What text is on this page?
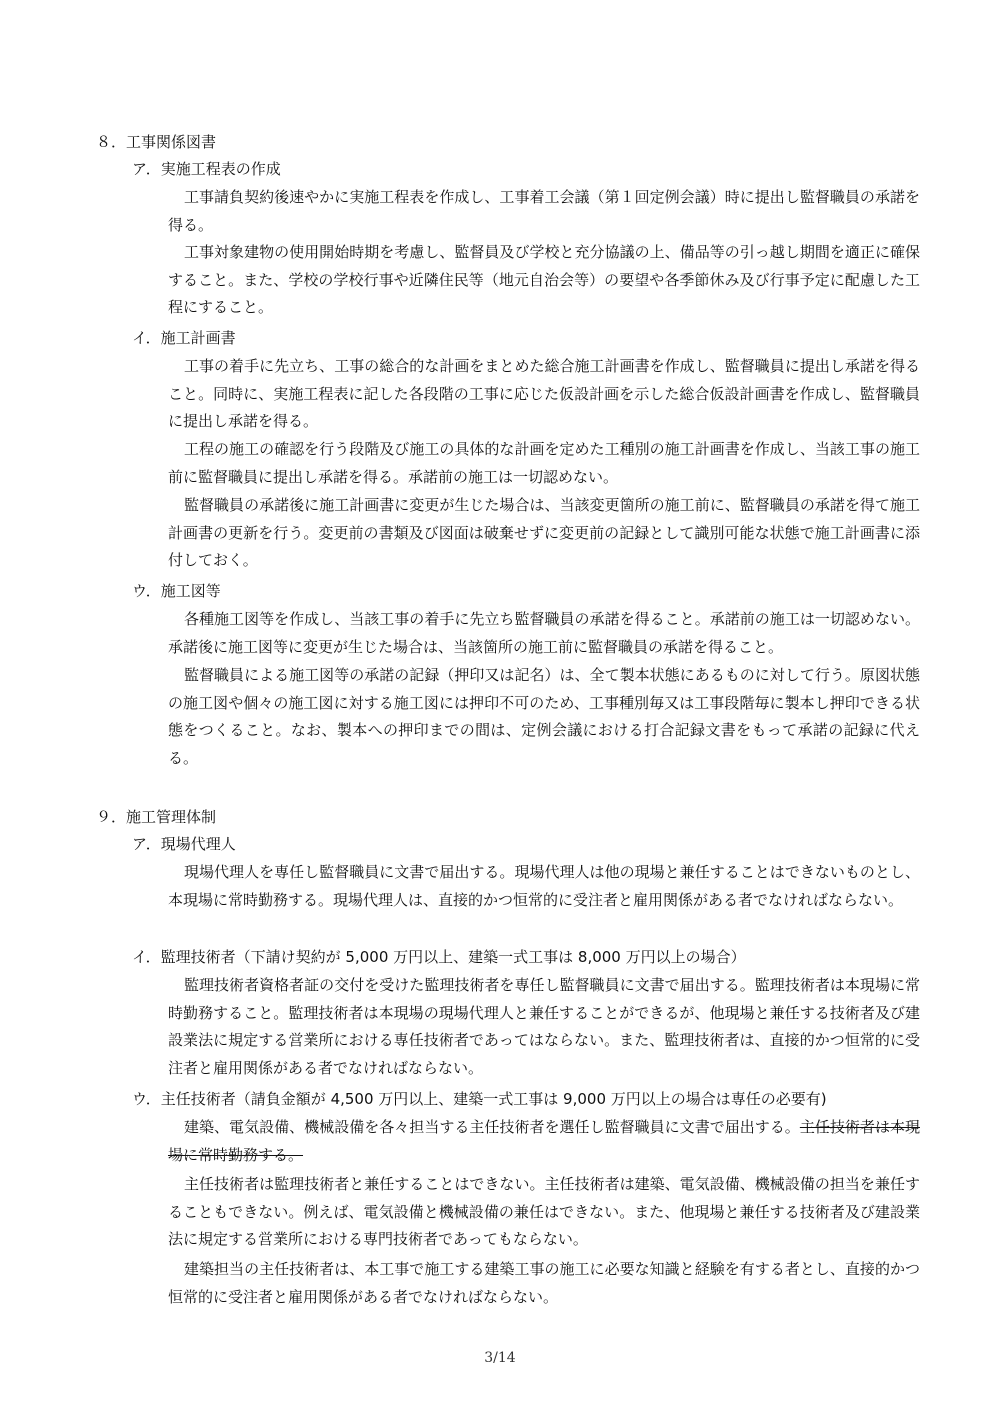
８．工事関係図書
ア．実施工程表の作成
工事請負契約後速やかに実施工程表を作成し、工事着工会議（第１回定例会議）時に提出し監督職員の承諾を得る。
工事対象建物の使用開始時期を考慮し、監督員及び学校と充分協議の上、備品等の引っ越し期間を適正に確保すること。また、学校の学校行事や近隣住民等（地元自治会等）の要望や各季節休み及び行事予定に配慮した工程にすること。
イ．施工計画書
工事の着手に先立ち、工事の総合的な計画をまとめた総合施工計画書を作成し、監督職員に提出し承諾を得ること。同時に、実施工程表に記した各段階の工事に応じた仮設計画を示した総合仮設計画書を作成し、監督職員に提出し承諾を得る。
工程の施工の確認を行う段階及び施工の具体的な計画を定めた工種別の施工計画書を作成し、当該工事の施工前に監督職員に提出し承諾を得る。承諾前の施工は一切認めない。
監督職員の承諾後に施工計画書に変更が生じた場合は、当該変更箇所の施工前に、監督職員の承諾を得て施工計画書の更新を行う。変更前の書類及び図面は破棄せずに変更前の記録として識別可能な状態で施工計画書に添付しておく。
ウ．施工図等
各種施工図等を作成し、当該工事の着手に先立ち監督職員の承諾を得ること。承諾前の施工は一切認めない。承諾後に施工図等に変更が生じた場合は、当該箇所の施工前に監督職員の承諾を得ること。
監督職員による施工図等の承諾の記録（押印又は記名）は、全て製本状態にあるものに対して行う。原図状態の施工図や個々の施工図に対する施工図には押印不可のため、工事種別毎又は工事段階毎に製本し押印できる状態をつくること。なお、製本への押印までの間は、定例会議における打合記録文書をもって承諾の記録に代える。
９．施工管理体制
ア．現場代理人
現場代理人を専任し監督職員に文書で届出する。現場代理人は他の現場と兼任することはできないものとし、本現場に常時勤務する。現場代理人は、直接的かつ恒常的に受注者と雇用関係がある者でなければならない。
イ．監理技術者（下請け契約が 5,000 万円以上、建築一式工事は 8,000 万円以上の場合）
監理技術者資格者証の交付を受けた監理技術者を専任し監督職員に文書で届出する。監理技術者は本現場に常時勤務すること。監理技術者は本現場の現場代理人と兼任することができるが、他現場と兼任する技術者及び建設業法に規定する営業所における専任技術者であってはならない。また、監理技術者は、直接的かつ恒常的に受注者と雇用関係がある者でなければならない。
ウ．主任技術者（請負金額が 4,500 万円以上、建築一式工事は 9,000 万円以上の場合は専任の必要有)
建築、電気設備、機械設備を各々担当する主任技術者を選任し監督職員に文書で届出する。主任技術者は本現場に常時勤務する。
主任技術者は監理技術者と兼任することはできない。主任技術者は建築、電気設備、機械設備の担当を兼任することもできない。例えば、電気設備と機械設備の兼任はできない。また、他現場と兼任する技術者及び建設業法に規定する営業所における専門技術者であってもならない。
建築担当の主任技術者は、本工事で施工する建築工事の施工に必要な知識と経験を有する者とし、直接的かつ恒常的に受注者と雇用関係がある者でなければならない。
3/14
